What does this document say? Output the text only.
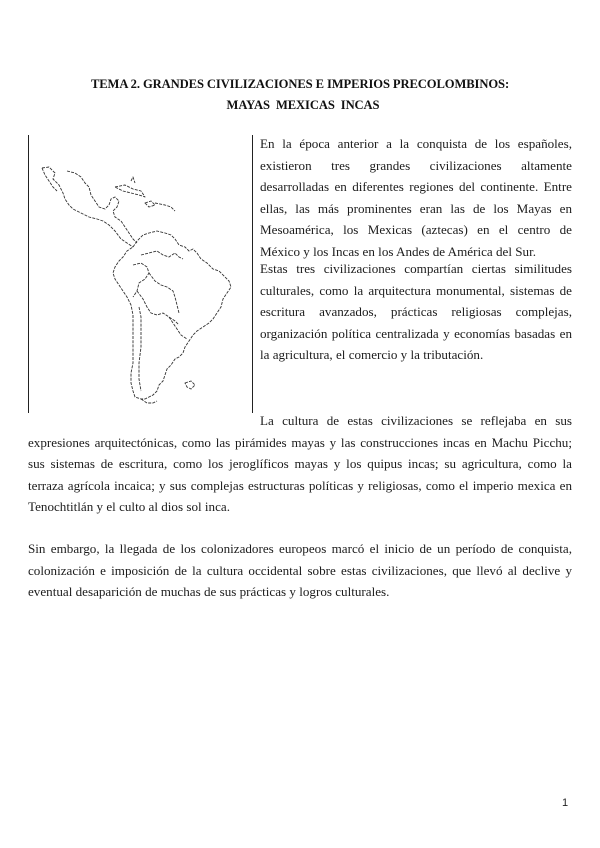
TEMA 2. GRANDES CIVILIZACIONES E IMPERIOS PRECOLOMBINOS:
MAYAS MEXICAS INCAS
En la época anterior a la conquista de los españoles, existieron tres grandes civilizaciones altamente desarrolladas en diferentes regiones del continente. Entre ellas, las más prominentes eran las de los Mayas en Mesoamérica, los Mexicas (aztecas) en el centro de México y los Incas en los Andes de América del Sur.
Estas tres civilizaciones compartían ciertas similitudes culturales, como la arquitectura monumental, sistemas de escritura avanzados, prácticas religiosas complejas, organización política centralizada y economías basadas en la agricultura, el comercio y la tributación.
La cultura de estas civilizaciones se reflejaba en sus expresiones arquitectónicas, como las pirámides mayas y las construcciones incas en Machu Picchu; sus sistemas de escritura, como los jeroglíficos mayas y los quipus incas; su agricultura, como la terraza agrícola incaica; y sus complejas estructuras políticas y religiosas, como el imperio mexica en Tenochtitlán y el culto al dios sol inca.
Sin embargo, la llegada de los colonizadores europeos marcó el inicio de un período de conquista, colonización e imposición de la cultura occidental sobre estas civilizaciones, que llevó al declive y eventual desaparición de muchas de sus prácticas y logros culturales.
1
